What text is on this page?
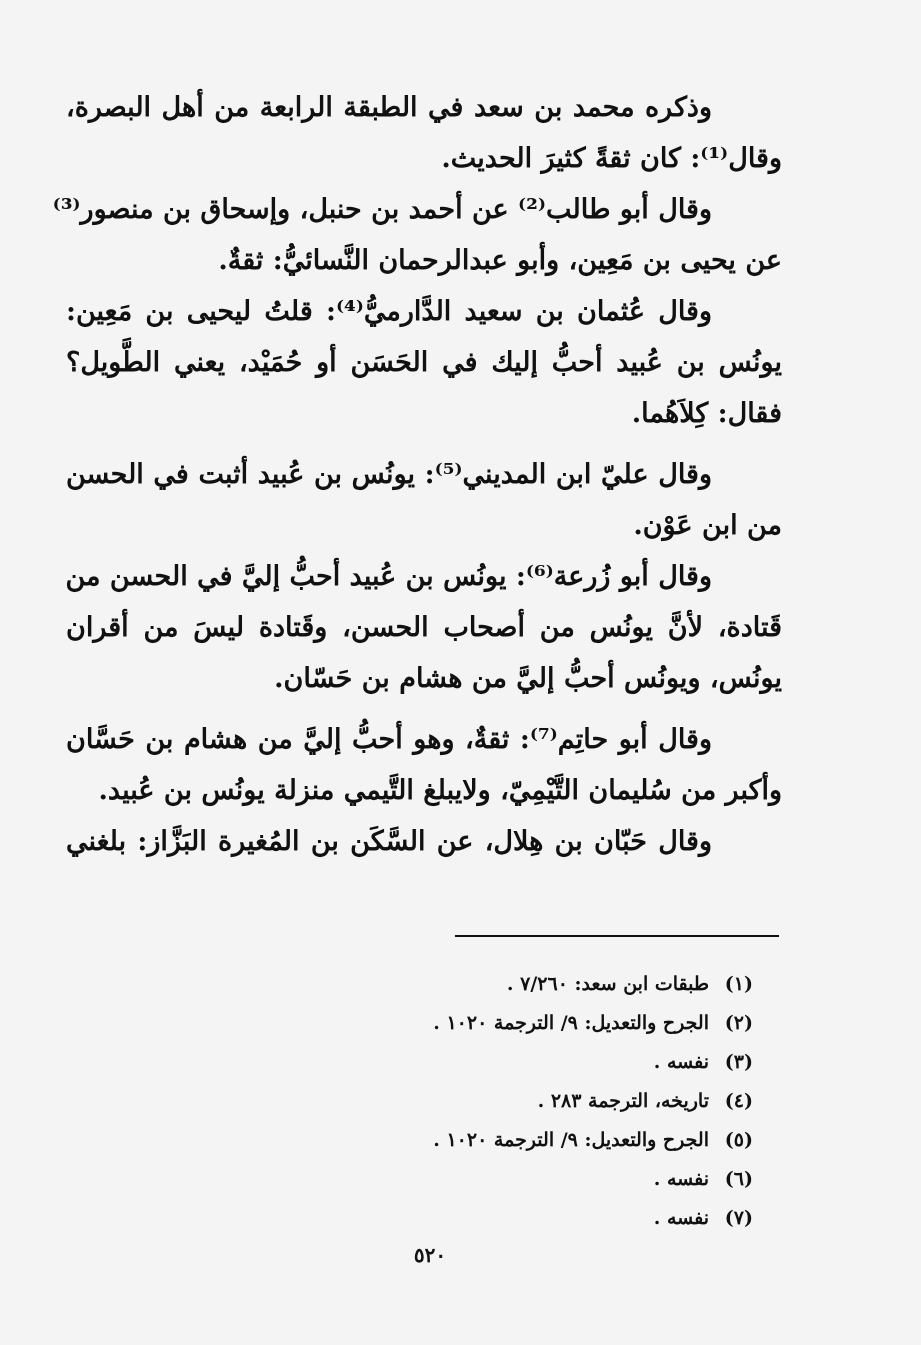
وذكره محمد بن سعد في الطبقة الرابعة من أهل البصرة،
وقال⁽¹⁾: كان ثقةً كثيرَ الحديث.
وقال أبو طالب⁽²⁾ عن أحمد بن حنبل، وإسحاق بن منصور⁽³⁾
عن يحيى بن مَعِين، وأبو عبدالرحمان النَّسائيُّ: ثقةٌ.
وقال عُثمان بن سعيد الدَّارميُّ⁽⁴⁾: قلتُ ليحيى بن مَعِين:
يونُس بن عُبيد أحبُّ إليك في الحَسَن أو حُمَيْد، يعني الطَّويل؟
فقال: كِلاَهُما.
وقال عليّ ابن المديني⁽⁵⁾: يونُس بن عُبيد أثبت في الحسن
من ابن عَوْن.
وقال أبو زُرعة⁽⁶⁾: يونُس بن عُبيد أحبُّ إليَّ في الحسن من
قَتادة، لأنَّ يونُس من أصحاب الحسن، وقَتادة ليسَ من أقران
يونُس، ويونُس أحبُّ إليَّ من هشام بن حَسّان.
وقال أبو حاتِم⁽⁷⁾: ثقةٌ، وهو أحبُّ إليَّ من هشام بن حَسَّان
وأكبر من سُليمان التَّيْمِيّ، ولايبلغ التَّيمي منزلة يونُس بن عُبيد.
وقال حَبّان بن هِلال، عن السَّكَن بن المُغيرة البَزَّاز: بلغني
(١)
طبقات ابن سعد: ٧/٢٦٠ .
(٢)
الجرح والتعديل: ٩/ الترجمة ١٠٢٠ .
(٣)
نفسه .
(٤)
تاريخه، الترجمة ٢٨٣ .
(٥)
الجرح والتعديل: ٩/ الترجمة ١٠٢٠ .
(٦)
نفسه .
(٧)
نفسه .
٥٢٠
